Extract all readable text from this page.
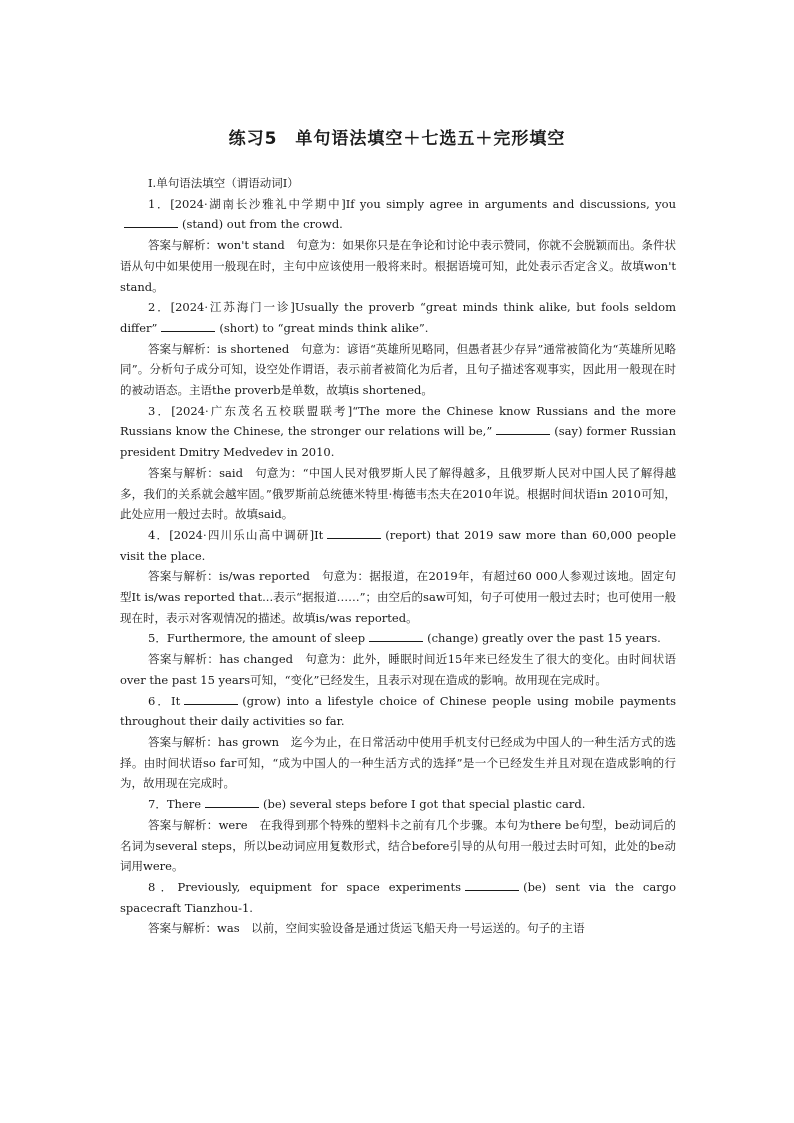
练习5　单句语法填空＋七选五＋完形填空

Ⅰ.单句语法填空（谓语动词Ⅰ）

1．[2024·湖南长沙雅礼中学期中]If you simply agree in arguments and discussions, you(stand) out from the crowd.

答案与解析：won't stand　句意为：如果你只是在争论和讨论中表示赞同，你就不会脱颖而出。条件状语从句中如果使用一般现在时，主句中应该使用一般将来时。根据语境可知，此处表示否定含义。故填won't stand。

2．[2024·江苏海门一诊]Usually the proverb “great minds think alike, but fools seldom differ”	(short) to “great minds think alike”.

答案与解析：is shortened　句意为：谚语“英雄所见略同，但愚者甚少存异”通常被简化为“英雄所见略同”。分析句子成分可知，设空处作谓语，表示前者被简化为后者，且句子描述客观事实，因此用一般现在时的被动语态。主语the proverb是单数，故填is shortened。

3．[2024·广东茂名五校联盟联考]“The more the Chinese know Russians and the more Russians know the Chinese, the stronger our relations will be,”	(say) former Russian president Dmitry Medvedev in 2010.

答案与解析：said　句意为：“中国人民对俄罗斯人民了解得越多，且俄罗斯人民对中国人民了解得越多，我们的关系就会越牢固。”俄罗斯前总统德米特里·梅德韦杰夫在2010年说。根据时间状语in 2010可知，此处应用一般过去时。故填said。

4．[2024·四川乐山高中调研]It	(report) that 2019 saw more than 60,000 people visit the place.

答案与解析：is/was reported　句意为：据报道，在2019年，有超过60 000人参观过该地。固定句型It is/was reported that...表示“据报道……”；由空后的saw可知，句子可使用一般过去时；也可使用一般现在时，表示对客观情况的描述。故填is/was reported。

5．Furthermore, the amount of sleep	(change) greatly over the past 15 years.

答案与解析：has changed　句意为：此外，睡眠时间近15年来已经发生了很大的变化。由时间状语over the past 15 years可知，“变化”已经发生，且表示对现在造成的影响。故用现在完成时。

6．It	(grow) into a lifestyle choice of Chinese people using mobile payments throughout their daily activities so far.

答案与解析：has grown　迄今为止，在日常活动中使用手机支付已经成为中国人的一种生活方式的选择。由时间状语so far可知，“成为中国人的一种生活方式的选择”是一个已经发生并且对现在造成影响的行为，故用现在完成时。

7．There	(be) several steps before I got that special plastic card.

答案与解析：were　在我得到那个特殊的塑料卡之前有几个步骤。本句为there be句型，be动词后的名词为several steps，所以be动词应用复数形式，结合before引导的从句用一般过去时可知，此处的be动词用were。

8．Previously, equipment for space experiments	(be) sent via the cargo spacecraft Tianzhou-1.

答案与解析：was　以前，空间实验设备是通过货运飞船天舟一号运送的。句子的主语
